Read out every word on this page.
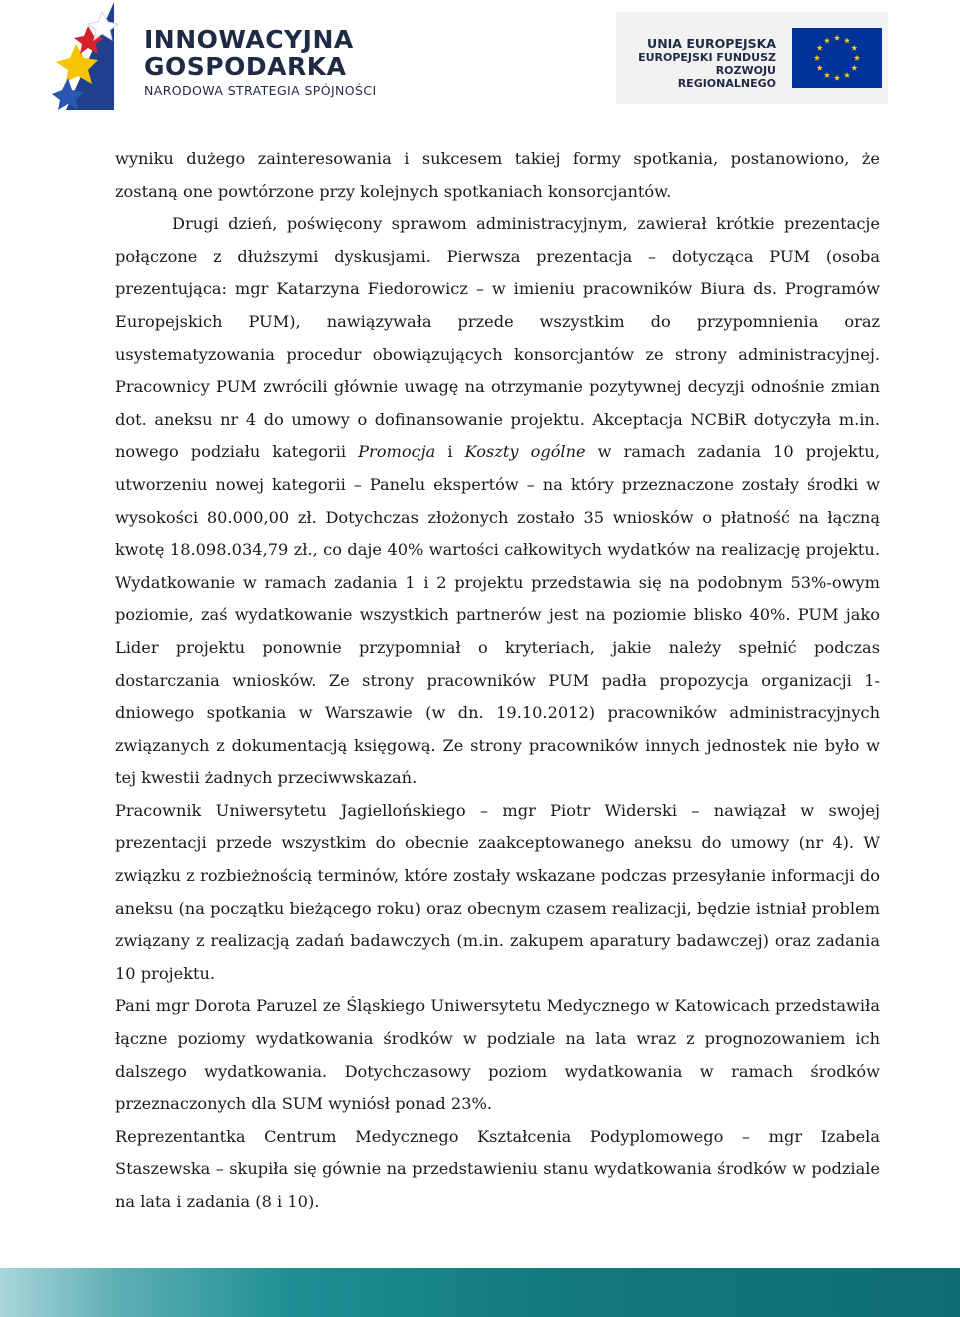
INNOWACYJNA
GOSPODARKA
NARODOWA STRATEGIA SPÓJNOŚCI
UNIA EUROPEJSKA
EUROPEJSKI FUNDUSZ
ROZWOJU REGIONALNEGO

wyniku dużego zainteresowania i sukcesem takiej formy spotkania, postanowiono, że zostaną one powtórzone przy kolejnych spotkaniach konsorcjantów.

Drugi dzień, poświęcony sprawom administracyjnym, zawierał krótkie prezentacje połączone z dłuższymi dyskusjami. Pierwsza prezentacja – dotycząca PUM (osoba prezentująca: mgr Katarzyna Fiedorowicz – w imieniu pracowników Biura ds. Programów Europejskich PUM), nawiązywała przede wszystkim do przypomnienia oraz usystematyzowania procedur obowiązujących konsorcjantów ze strony administracyjnej. Pracownicy PUM zwrócili głównie uwagę na otrzymanie pozytywnej decyzji odnośnie zmian dot. aneksu nr 4 do umowy o dofinansowanie projektu. Akceptacja NCBiR dotyczyła m.in. nowego podziału kategorii Promocja i Koszty ogólne w ramach zadania 10 projektu, utworzeniu nowej kategorii – Panelu ekspertów – na który przeznaczone zostały środki w wysokości 80.000,00 zł. Dotychczas złożonych zostało 35 wniosków o płatność na łączną kwotę 18.098.034,79 zł., co daje 40% wartości całkowitych wydatków na realizację projektu. Wydatkowanie w ramach zadania 1 i 2 projektu przedstawia się na podobnym 53%-owym poziomie, zaś wydatkowanie wszystkich partnerów jest na poziomie blisko 40%. PUM jako Lider projektu ponownie przypomniał o kryteriach, jakie należy spełnić podczas dostarczania wniosków. Ze strony pracowników PUM padła propozycja organizacji 1-dniowego spotkania w Warszawie (w dn. 19.10.2012) pracowników administracyjnych związanych z dokumentacją księgową. Ze strony pracowników innych jednostek nie było w tej kwestii żadnych przeciwwskazań.

Pracownik Uniwersytetu Jagiellońskiego – mgr Piotr Widerski – nawiązał w swojej prezentacji przede wszystkim do obecnie zaakceptowanego aneksu do umowy (nr 4). W związku z rozbieżnością terminów, które zostały wskazane podczas przesyłanie informacji do aneksu (na początku bieżącego roku) oraz obecnym czasem realizacji, będzie istniał problem związany z realizacją zadań badawczych (m.in. zakupem aparatury badawczej) oraz zadania 10 projektu.

Pani mgr Dorota Paruzel ze Śląskiego Uniwersytetu Medycznego w Katowicach przedstawiła łączne poziomy wydatkowania środków w podziale na lata wraz z prognozowaniem ich dalszego wydatkowania. Dotychczasowy poziom wydatkowania w ramach środków przeznaczonych dla SUM wyniósł ponad 23%.

Reprezentantka Centrum Medycznego Kształcenia Podyplomowego – mgr Izabela Staszewska – skupiła się gównie na przedstawieniu stanu wydatkowania środków w podziale na lata i zadania (8 i 10).
